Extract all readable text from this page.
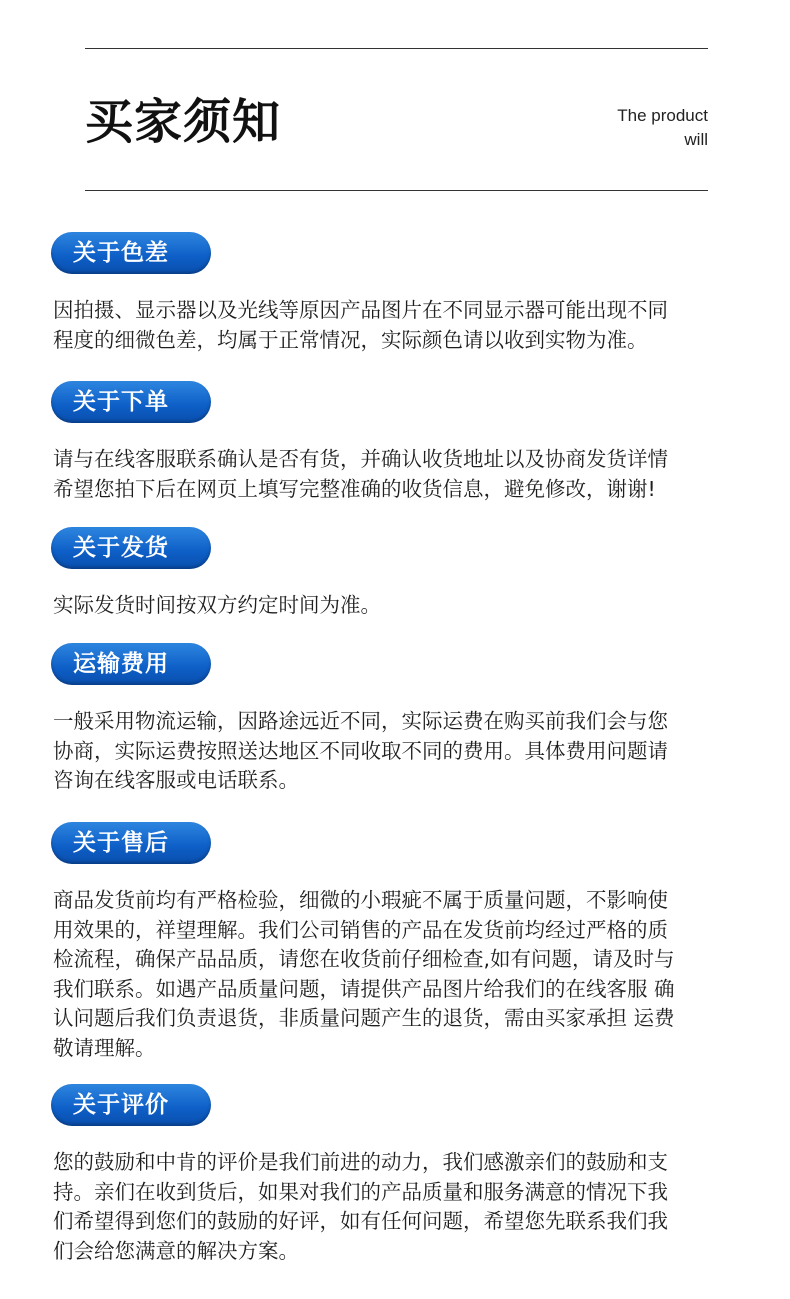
买家须知	The product
will
关于色差
因拍摄、显示器以及光线等原因产品图片在不同显示器可能出现不同
程度的细微色差，均属于正常情况，实际颜色请以收到实物为准。
关于下单
请与在线客服联系确认是否有货，并确认收货地址以及协商发货详情
希望您拍下后在网页上填写完整准确的收货信息，避免修改，谢谢!
关于发货
实际发货时间按双方约定时间为准。
运输费用
一般采用物流运输，因路途远近不同，实际运费在购买前我们会与您
协商，实际运费按照送达地区不同收取不同的费用。具体费用问题请
咨询在线客服或电话联系。
关于售后
商品发货前均有严格检验，细微的小瑕疵不属于质量问题，不影响使
用效果的，祥望理解。我们公司销售的产品在发货前均经过严格的质
检流程，确保产品品质，请您在收货前仔细检查,如有问题，请及时与
我们联系。如遇产品质量问题，请提供产品图片给我们的在线客服 确
认问题后我们负责退货，非质量问题产生的退货，需由买家承担 运费
敬请理解。
关于评价
您的鼓励和中肯的评价是我们前进的动力，我们感激亲们的鼓励和支
持。亲们在收到货后，如果对我们的产品质量和服务满意的情况下我
们希望得到您们的鼓励的好评，如有任何问题，希望您先联系我们我
们会给您满意的解决方案。
